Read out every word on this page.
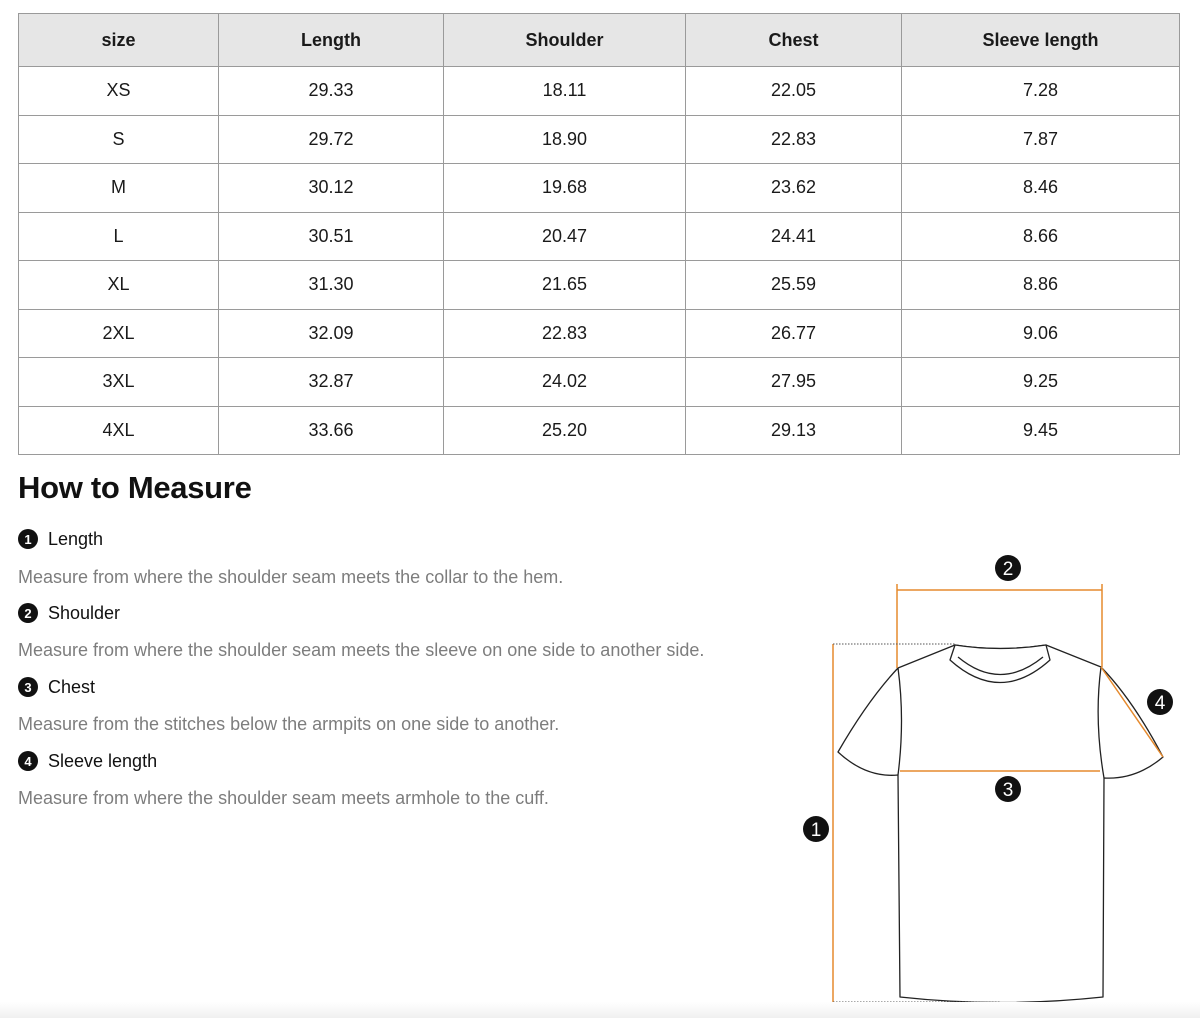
size	Length	Shoulder	Chest	Sleeve length
XS	29.33	18.11	22.05	7.28
S	29.72	18.90	22.83	7.87
M	30.12	19.68	23.62	8.46
L	30.51	20.47	24.41	8.66
XL	31.30	21.65	25.59	8.86
2XL	32.09	22.83	26.77	9.06
3XL	32.87	24.02	27.95	9.25
4XL	33.66	25.20	29.13	9.45
How to Measure
1 Length

Measure from where the shoulder seam meets the collar to the hem.

2 Shoulder

Measure from where the shoulder seam meets the sleeve on one side to another side.

3 Chest

Measure from the stitches below the armpits on one side to another.

4 Sleeve length

Measure from where the shoulder seam meets armhole to the cuff.

1
2
3
4
